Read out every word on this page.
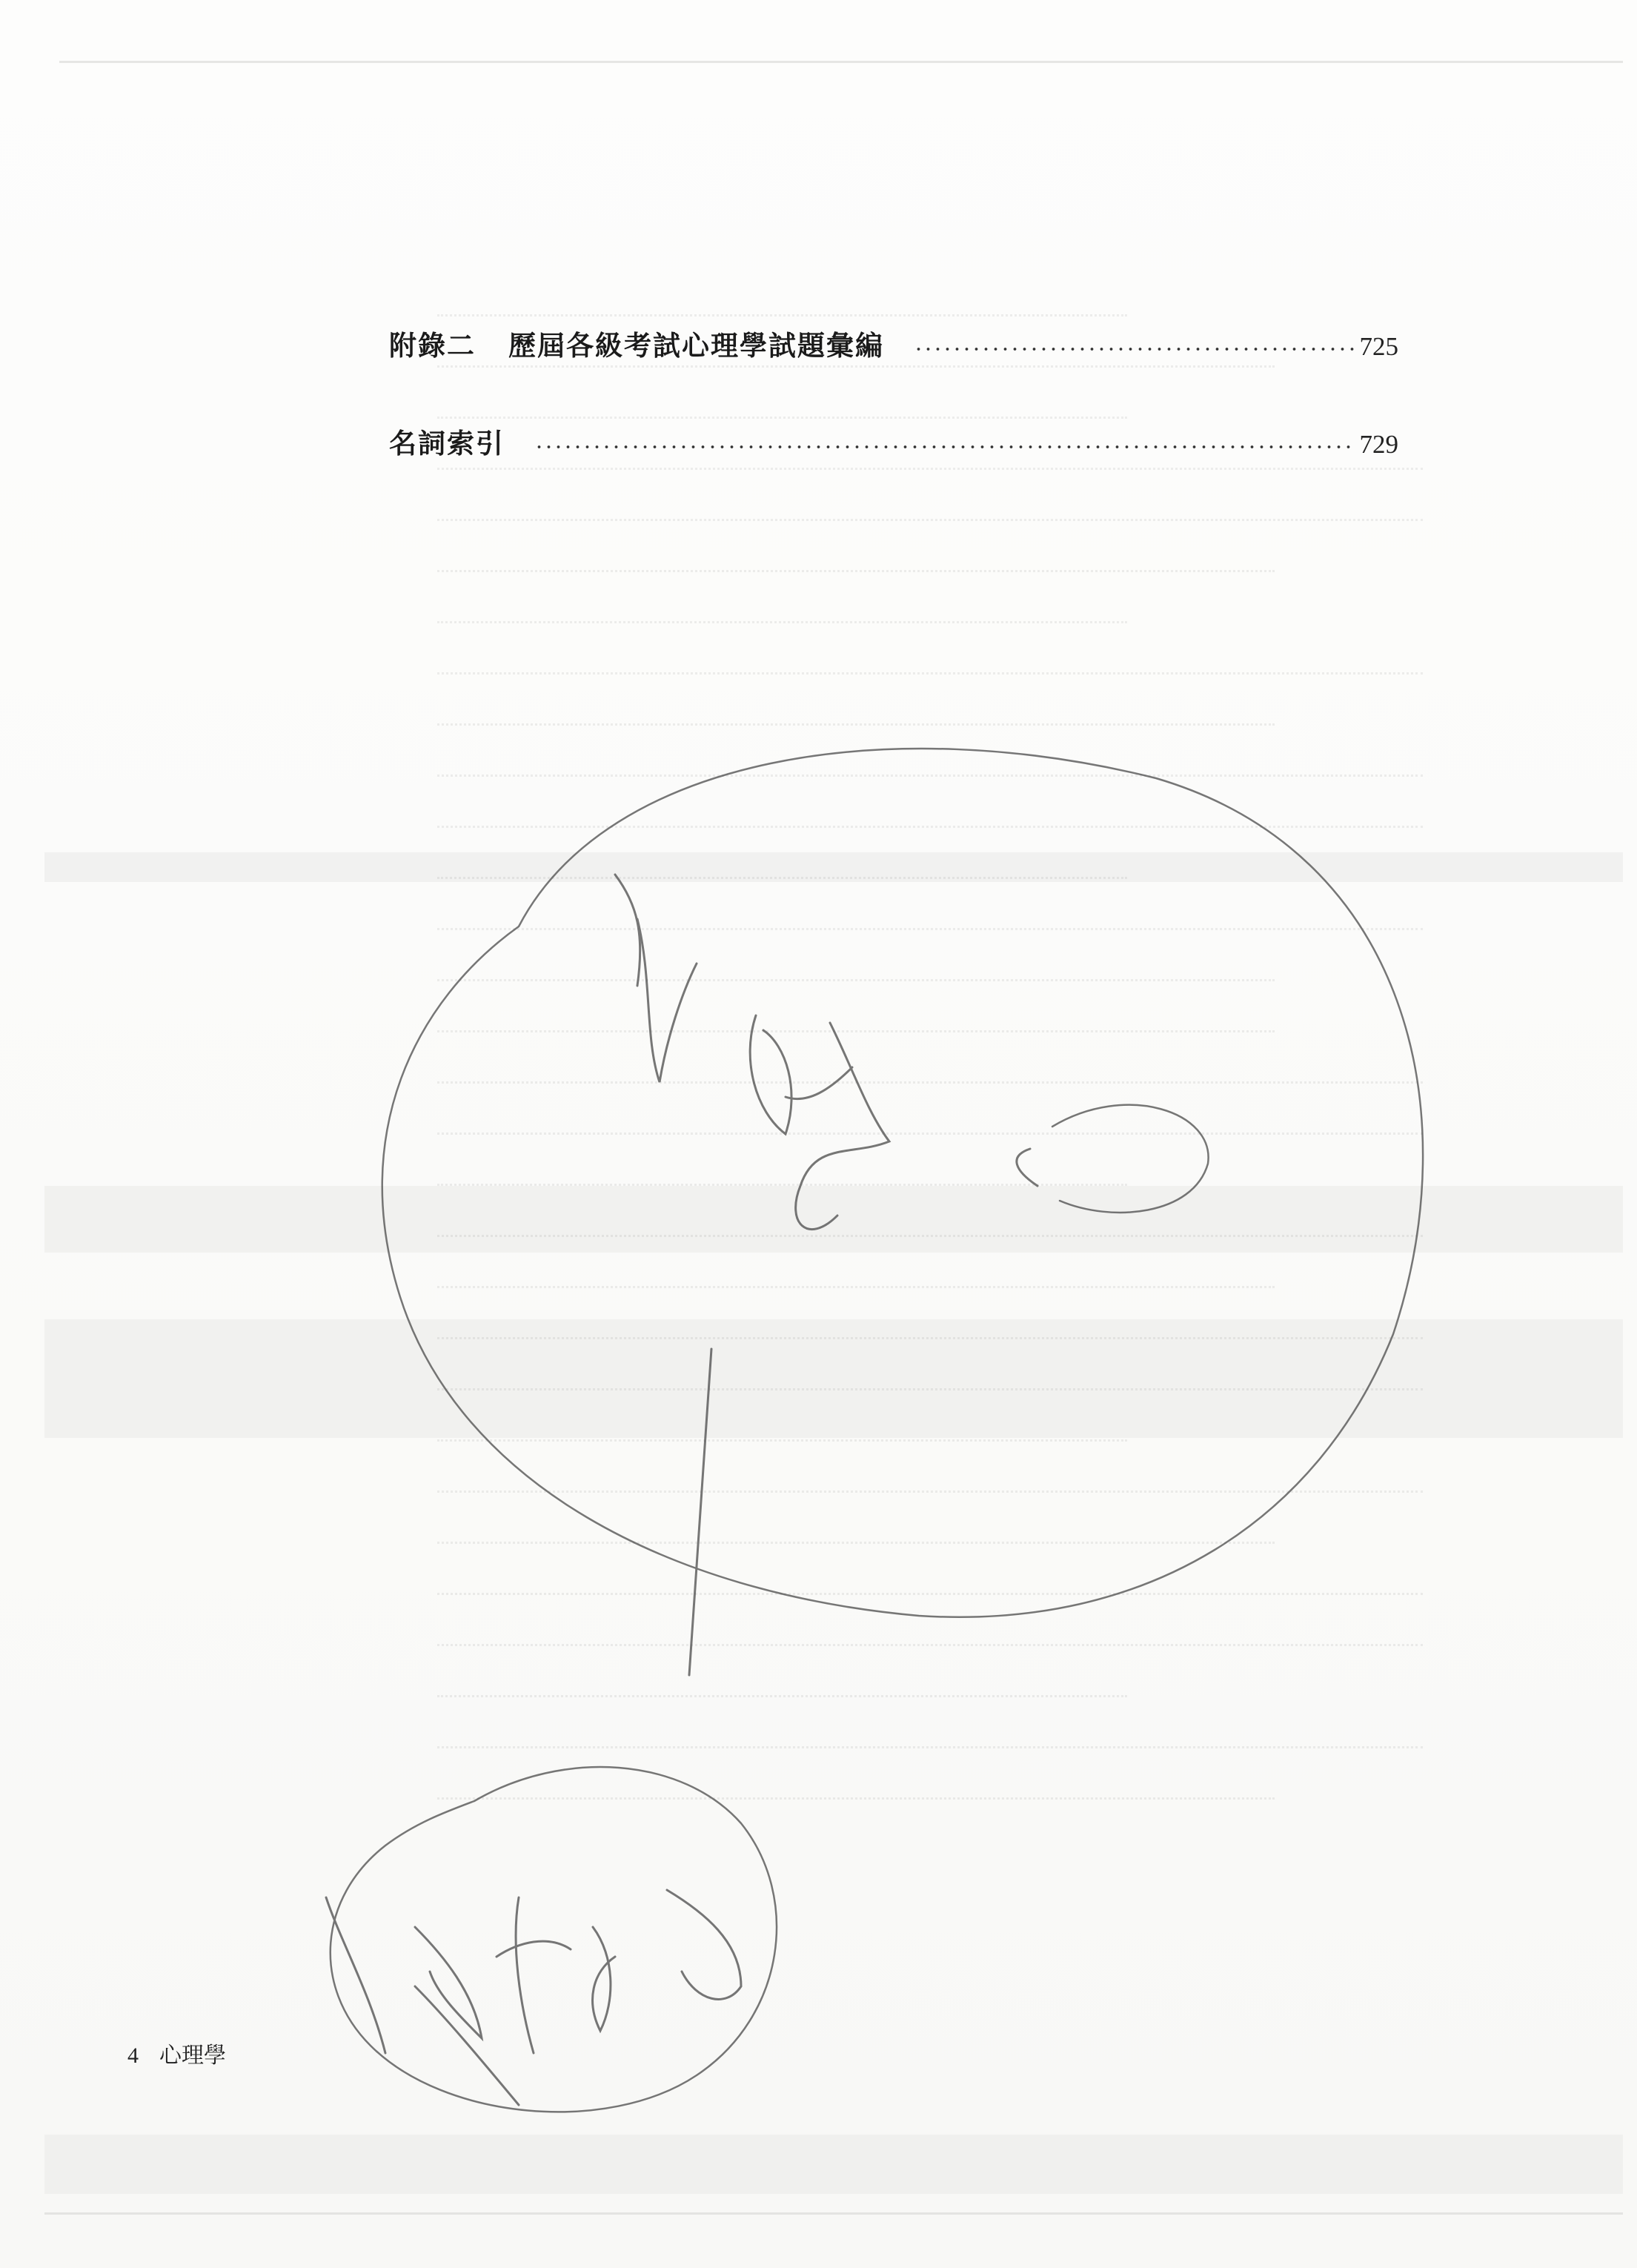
附錄二 歷屆各級考試心理學試題彙編	725
名詞索引	729
4 心理學
